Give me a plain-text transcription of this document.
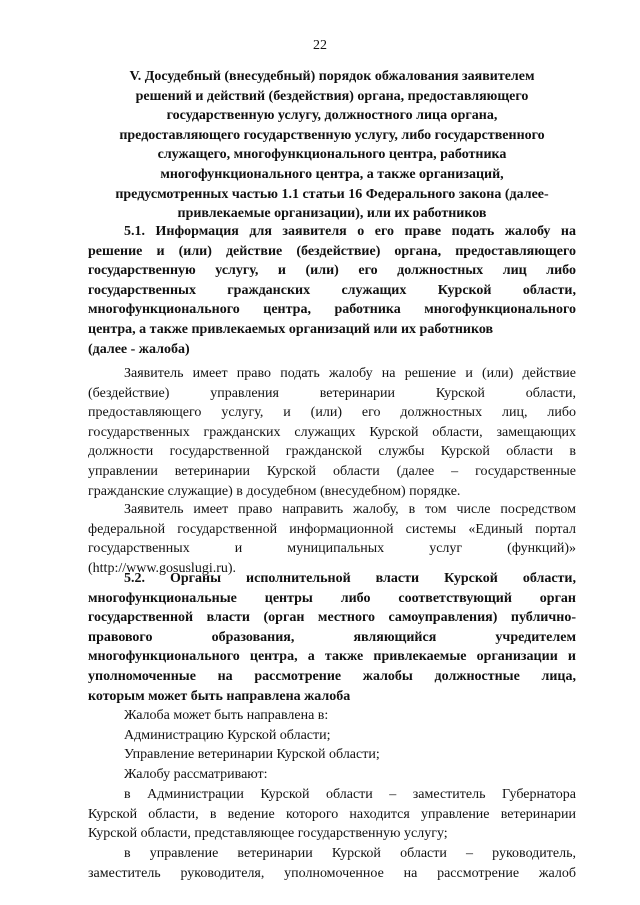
22
V. Досудебный (внесудебный) порядок обжалования заявителем
решений и действий (бездействия) органа, предоставляющего
государственную услугу, должностного лица органа,
предоставляющего государственную услугу, либо государственного
служащего, многофункционального центра, работника
многофункционального центра, а также организаций,
предусмотренных частью 1.1 статьи 16 Федерального закона (далее-
привлекаемые организации), или их работников
5.1. Информация для заявителя о его праве подать жалобу на
решение и (или) действие (бездействие) органа, предоставляющего
государственную услугу, и (или) его должностных лиц либо
государственных гражданских служащих Курской области,
многофункционального центра, работника многофункционального
центра, а также привлекаемых организаций или их работников
(далее - жалоба)
Заявитель имеет право подать жалобу на решение и (или) действие
(бездействие) управления ветеринарии Курской области,
предоставляющего услугу, и (или) его должностных лиц, либо
государственных гражданских служащих Курской области, замещающих
должности государственной гражданской службы Курской области в
управлении ветеринарии Курской области (далее – государственные
гражданские служащие) в досудебном (внесудебном) порядке.
Заявитель имеет право направить жалобу, в том числе посредством
федеральной государственной информационной системы «Единый портал
государственных и муниципальных услуг (функций)»
(http://www.gosuslugi.ru).
5.2. Органы исполнительной власти Курской области,
многофункциональные центры либо соответствующий орган
государственной власти (орган местного самоуправления) публично-
правового образования, являющийся учредителем
многофункционального центра, а также привлекаемые организации и
уполномоченные на рассмотрение жалобы должностные лица,
которым может быть направлена жалоба
Жалоба может быть направлена в:
Администрацию Курской области;
Управление ветеринарии Курской области;
Жалобу рассматривают:
в Администрации Курской области – заместитель Губернатора
Курской области, в ведение которого находится управление ветеринарии
Курской области, представляющее государственную услугу;
в управление ветеринарии Курской области – руководитель,
заместитель руководителя, уполномоченное на рассмотрение жалоб
